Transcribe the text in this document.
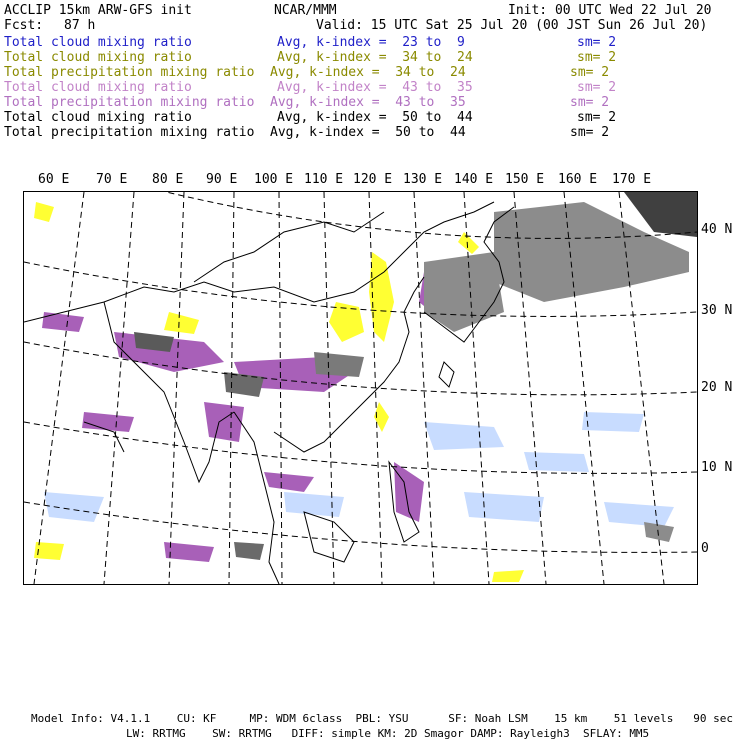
ACCLIP 15km ARW-GFS init	NCAR/MMM	Init: 00 UTC Wed 22 Jul 20
Fcst: 87 h	Valid: 15 UTC Sat 25 Jul 20 (00 JST Sun 26 Jul 20)
Total cloud mixing ratio	Avg, k-index =  23 to  9	sm= 2
Total cloud mixing ratio	Avg, k-index =  34 to  24	sm= 2
Total precipitation mixing ratio Avg, k-index =  34 to  24	sm= 2
Total cloud mixing ratio	Avg, k-index =  43 to  35	sm= 2
Total precipitation mixing ratio Avg, k-index =  43 to  35	sm= 2
Total cloud mixing ratio	Avg, k-index =  50 to  44	sm= 2
Total precipitation mixing ratio Avg, k-index =  50 to  44	sm= 2
60 E 70 E 80 E 90 E 100 E 110 E 120 E 130 E 140 E 150 E 160 E 170 E
40 N
30 N
20 N
10 N
0
Model Info: V4.1.1    CU: KF     MP: WDM 6class  PBL: YSU      SF: Noah LSM    15 km    51 levels   90 sec
LW: RRTMG    SW: RRTMG   DIFF: simple KM: 2D Smagor DAMP: Rayleigh3  SFLAY: MM5
